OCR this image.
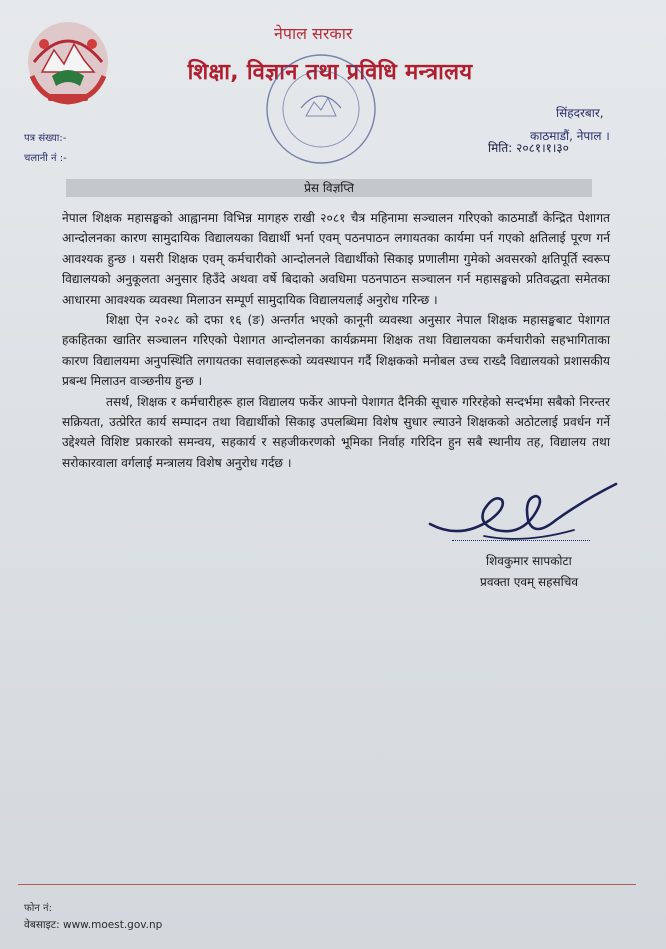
नेपाल सरकार
शिक्षा, विज्ञान तथा प्रविधि मन्त्रालय
पत्र संख्या:-
चलानी नं :-
सिंहदरबार,
काठमाडौं, नेपाल ।
मिति: २०८१।१।३०
प्रेस विज्ञप्ति

नेपाल शिक्षक महासङ्घको आह्वानमा विभिन्न मागहरु राखी २०८१ चैत्र महिनामा सञ्चालन गरिएको काठमाडौं केन्द्रित पेशागत आन्दोलनका कारण सामुदायिक विद्यालयका विद्यार्थी भर्ना एवम् पठनपाठन लगायतका कार्यमा पर्न गएको क्षतिलाई पूरण गर्न आवश्यक हुन्छ । यसरी शिक्षक एवम् कर्मचारीको आन्दोलनले विद्यार्थीको सिकाइ प्रणालीमा गुमेको अवसरको क्षतिपूर्ति स्वरूप विद्यालयको अनुकूलता अनुसार हिउँदे अथवा वर्षे बिदाको अवधिमा पठनपाठन सञ्चालन गर्न महासङ्घको प्रतिवद्धता समेतका आधारमा आवश्यक व्यवस्था मिलाउन सम्पूर्ण सामुदायिक विद्यालयलाई अनुरोध गरिन्छ ।

शिक्षा ऐन २०२८ को दफा १६ (ङ) अन्तर्गत भएको कानूनी व्यवस्था अनुसार नेपाल शिक्षक महासङ्घबाट पेशागत हकहितका खातिर सञ्चालन गरिएको पेशागत आन्दोलनका कार्यक्रममा शिक्षक तथा विद्यालयका कर्मचारीको सहभागिताका कारण विद्यालयमा अनुपस्थिति लगायतका सवालहरूको व्यवस्थापन गर्दै शिक्षकको मनोबल उच्च राख्दै विद्यालयको प्रशासकीय प्रबन्ध मिलाउन वाञ्छनीय हुन्छ ।

तसर्थ, शिक्षक र कर्मचारीहरू हाल विद्यालय फर्केर आफ्नो पेशागत दैनिकी सूचारु गरिरहेको सन्दर्भमा सबैको निरन्तर सक्रियता, उत्प्रेरित कार्य सम्पादन तथा विद्यार्थीको सिकाइ उपलब्धिमा विशेष सुधार ल्याउने शिक्षकको अठोटलाई प्रवर्धन गर्ने उद्देश्यले विशिष्ट प्रकारको समन्वय, सहकार्य र सहजीकरणको भूमिका निर्वाह गरिदिन हुन सबै स्थानीय तह, विद्यालय तथा सरोकारवाला वर्गलाई मन्त्रालय विशेष अनुरोध गर्दछ ।

शिवकुमार सापकोटा
प्रवक्ता एवम् सहसचिव
फोन नं:
वेबसाइट: www.moest.gov.np
